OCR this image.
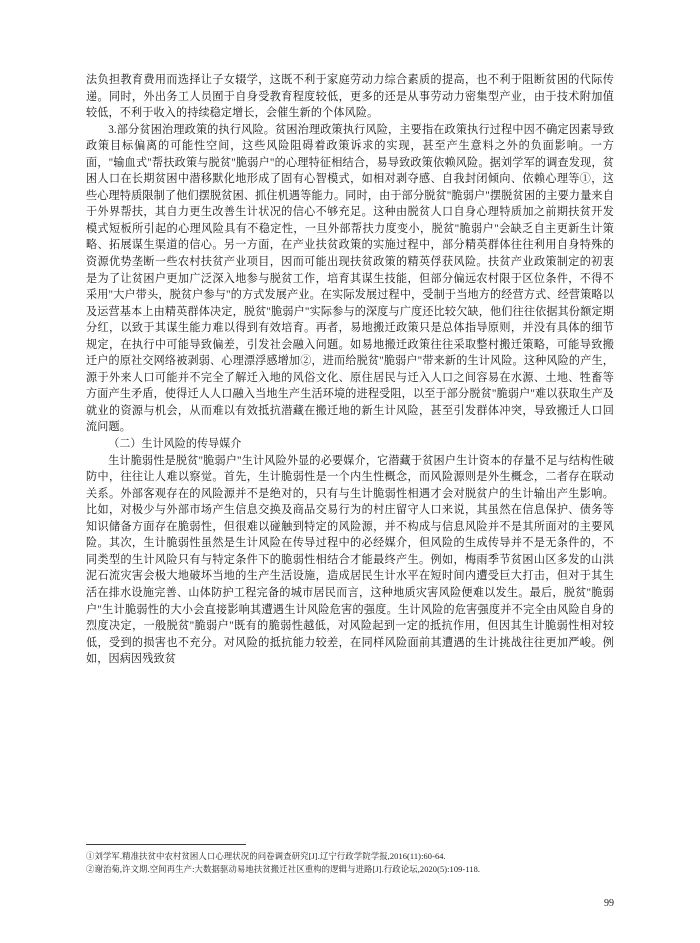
法负担教育费用而选择让子女辍学，这既不利于家庭劳动力综合素质的提高，也不利于阻断贫困的代际传递。同时，外出务工人员囿于自身受教育程度较低，更多的还是从事劳动力密集型产业，由于技术附加值较低，不利于收入的持续稳定增长，会催生新的个体风险。

3.部分贫困治理政策的执行风险。贫困治理政策执行风险，主要指在政策执行过程中因不确定因素导致政策目标偏离的可能性空间，这些风险阻碍着政策诉求的实现，甚至产生意料之外的负面影响。一方面，"输血式"帮扶政策与脱贫"脆弱户"的心理特征相结合，易导致政策依赖风险。据刘学军的调查发现，贫困人口在长期贫困中潜移默化地形成了固有心智模式，如相对剥夺感、自我封闭倾向、依赖心理等①，这些心理特质限制了他们摆脱贫困、抓住机遇等能力。同时，由于部分脱贫"脆弱户"摆脱贫困的主要力量来自于外界帮扶，其自力更生改善生计状况的信心不够充足。这种由脱贫人口自身心理特质加之前期扶贫开发模式短板所引起的心理风险具有不稳定性，一旦外部帮扶力度变小，脱贫"脆弱户"会缺乏自主更新生计策略、拓展谋生渠道的信心。另一方面，在产业扶贫政策的实施过程中，部分精英群体往往利用自身特殊的资源优势垄断一些农村扶贫产业项目，因而可能出现扶贫政策的精英俘获风险。扶贫产业政策制定的初衷是为了让贫困户更加广泛深入地参与脱贫工作，培育其谋生技能，但部分偏远农村限于区位条件，不得不采用"大户带头，脱贫户参与"的方式发展产业。在实际发展过程中，受制于当地方的经营方式、经营策略以及运营基本上由精英群体决定，脱贫"脆弱户"实际参与的深度与广度还比较欠缺，他们往往依据其份额定期分红，以致于其谋生能力难以得到有效培育。再者，易地搬迁政策只是总体指导原则，并没有具体的细节规定，在执行中可能导致偏差，引发社会融入问题。如易地搬迁政策往往采取整村搬迁策略，可能导致搬迁户的原社交网络被剥弱、心理漂浮感增加②，进而给脱贫"脆弱户"带来新的生计风险。这种风险的产生，源于外来人口可能并不完全了解迁入地的风俗文化、原住居民与迁入人口之间容易在水源、土地、牲畜等方面产生矛盾，使得迁人人口融入当地生产生活环境的进程受阻，以至于部分脱贫"脆弱户"难以获取生产及就业的资源与机会，从而难以有效抵抗潜藏在搬迁地的新生计风险，甚至引发群体冲突，导致搬迁人口回流问题。

（二）生计风险的传导媒介

生计脆弱性是脱贫"脆弱户"生计风险外显的必要媒介，它潜藏于贫困户生计资本的存量不足与结构性破防中，往往让人难以察觉。首先，生计脆弱性是一个内生性概念，而风险源则是外生概念，二者存在联动关系。外部客观存在的风险源并不是绝对的，只有与生计脆弱性相遇才会对脱贫户的生计输出产生影响。比如，对极少与外部市场产生信息交换及商品交易行为的村庄留守人口来说，其虽然在信息保护、债务等知识储备方面存在脆弱性，但很难以碰触到特定的风险源，并不构成与信息风险并不是其所面对的主要风险。其次，生计脆弱性虽然是生计风险在传导过程中的必经媒介，但风险的生成传导并不是无条件的，不同类型的生计风险只有与特定条件下的脆弱性相结合才能最终产生。例如，梅雨季节贫困山区多发的山洪泥石流灾害会极大地破坏当地的生产生活设施，造成居民生计水平在短时间内遭受巨大打击，但对于其生活在排水设施完善、山体防护工程完备的城市居民而言，这种地质灾害风险便难以发生。最后，脱贫"脆弱户"生计脆弱性的大小会直接影响其遭遇生计风险危害的强度。生计风险的危害强度并不完全由风险自身的烈度决定，一般脱贫"脆弱户"既有的脆弱性越低，对风险起到一定的抵抗作用，但因其生计脆弱性相对较低，受到的损害也不充分。对风险的抵抗能力较差，在同样风险面前其遭遇的生计挑战往往更加严峻。例如，因病因残致贫

①刘学军.精准扶贫中农村贫困人口心理状况的问卷调查研究[J].辽宁行政学院学报,2016(11):60-64.

②谢治菊,许文期.空间再生产:大数据驱动易地扶贫搬迁社区重构的逻辑与进路[J].行政论坛,2020(5):109-118.

99
